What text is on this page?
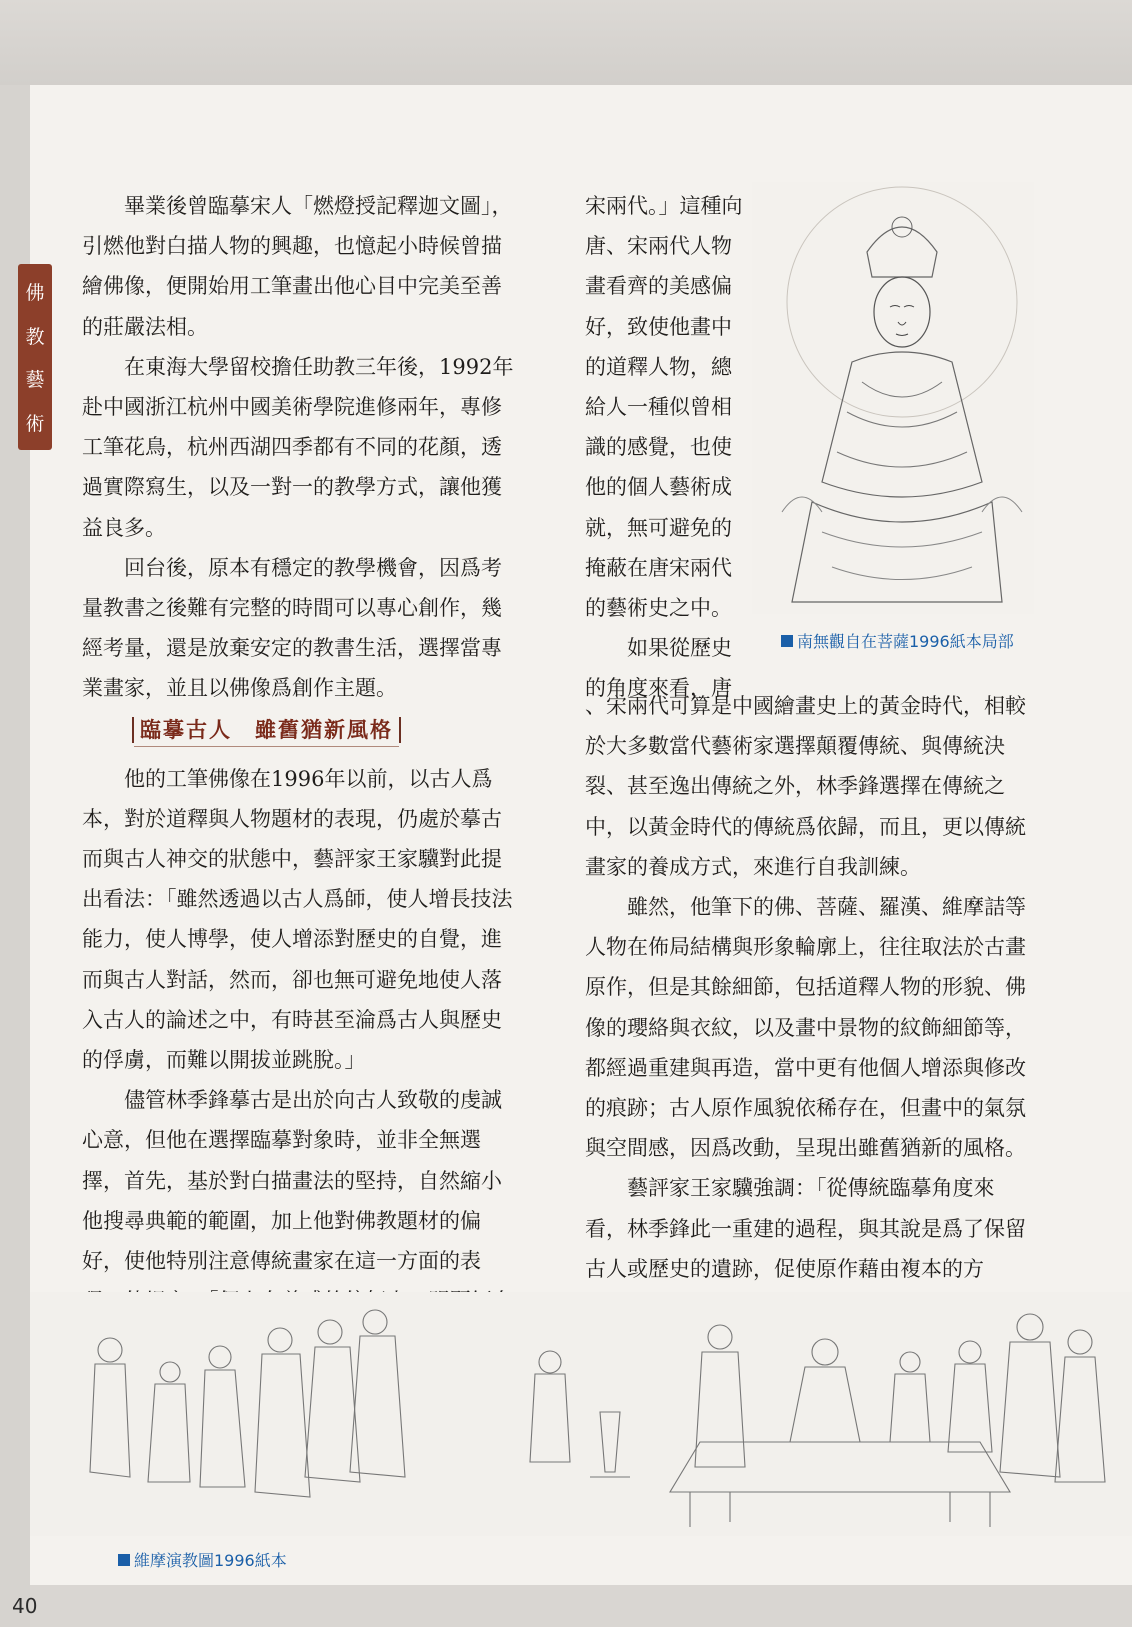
佛
教
藝
術

畢業後曾臨摹宋人「燃燈授記釋迦文圖」，引燃他對白描人物的興趣，也憶起小時候曾描繪佛像，便開始用工筆畫出他心目中完美至善的莊嚴法相。

在東海大學留校擔任助教三年後，1992年赴中國浙江杭州中國美術學院進修兩年，專修工筆花鳥，杭州西湖四季都有不同的花顏，透過實際寫生，以及一對一的教學方式，讓他獲益良多。

回台後，原本有穩定的教學機會，因爲考量教書之後難有完整的時間可以專心創作，幾經考量，還是放棄安定的教書生活，選擇當專業畫家，並且以佛像爲創作主題。

臨摹古人　雖舊猶新風格

他的工筆佛像在1996年以前，以古人爲本，對於道釋與人物題材的表現，仍處於摹古而與古人神交的狀態中，藝評家王家驥對此提出看法：「雖然透過以古人爲師，使人增長技法能力，使人博學，使人增添對歷史的自覺，進而與古人對話，然而，卻也無可避免地使人落入古人的論述之中，有時甚至淪爲古人與歷史的俘虜，而難以開拔並跳脫。」

儘管林季鋒摹古是出於向古人致敬的虔誠心意，但他在選擇臨摹對象時，並非全無選擇，首先，基於對白描畫法的堅持，自然縮小他搜尋典範的範圍，加上他對佛教題材的偏好，使他特別注意傳統畫家在這一方面的表

宋兩代。」這種向唐、宋兩代人物畫看齊的美感偏好，致使他畫中的道釋人物，總給人一種似曾相識的感覺，也使他的個人藝術成就，無可避免的掩蔽在唐宋兩代的藝術史之中。

如果從歷史的角度來看，唐

、宋兩代可算是中國繪畫史上的黃金時代，相較於大多數當代藝術家選擇顛覆傳統、與傳統決裂、甚至逸出傳統之外，林季鋒選擇在傳統之中，以黃金時代的傳統爲依歸，而且，更以傳統畫家的養成方式，來進行自我訓練。

雖然，他筆下的佛、菩薩、羅漢、維摩詰等人物在佈局結構與形象輪廓上，往往取法於古畫原作，但是其餘細節，包括道釋人物的形貌、佛像的瓔絡與衣紋，以及畫中景物的紋飾細節等，都經過重建與再造，當中更有他個人增添與修改的痕跡；古人原作風貌依稀存在，但畫中的氣氛與空間感，因爲改動，呈現出雖舊猶新的風格。

藝評家王家驥強調：「從傳統臨摹角度來看，林季鋒此一重建的過程，與其說是爲了保留古人或歷史的遺跡，促使原作藉由複本的方

南無觀自在菩薩1996紙本局部
維摩演教圖1996紙本
40
